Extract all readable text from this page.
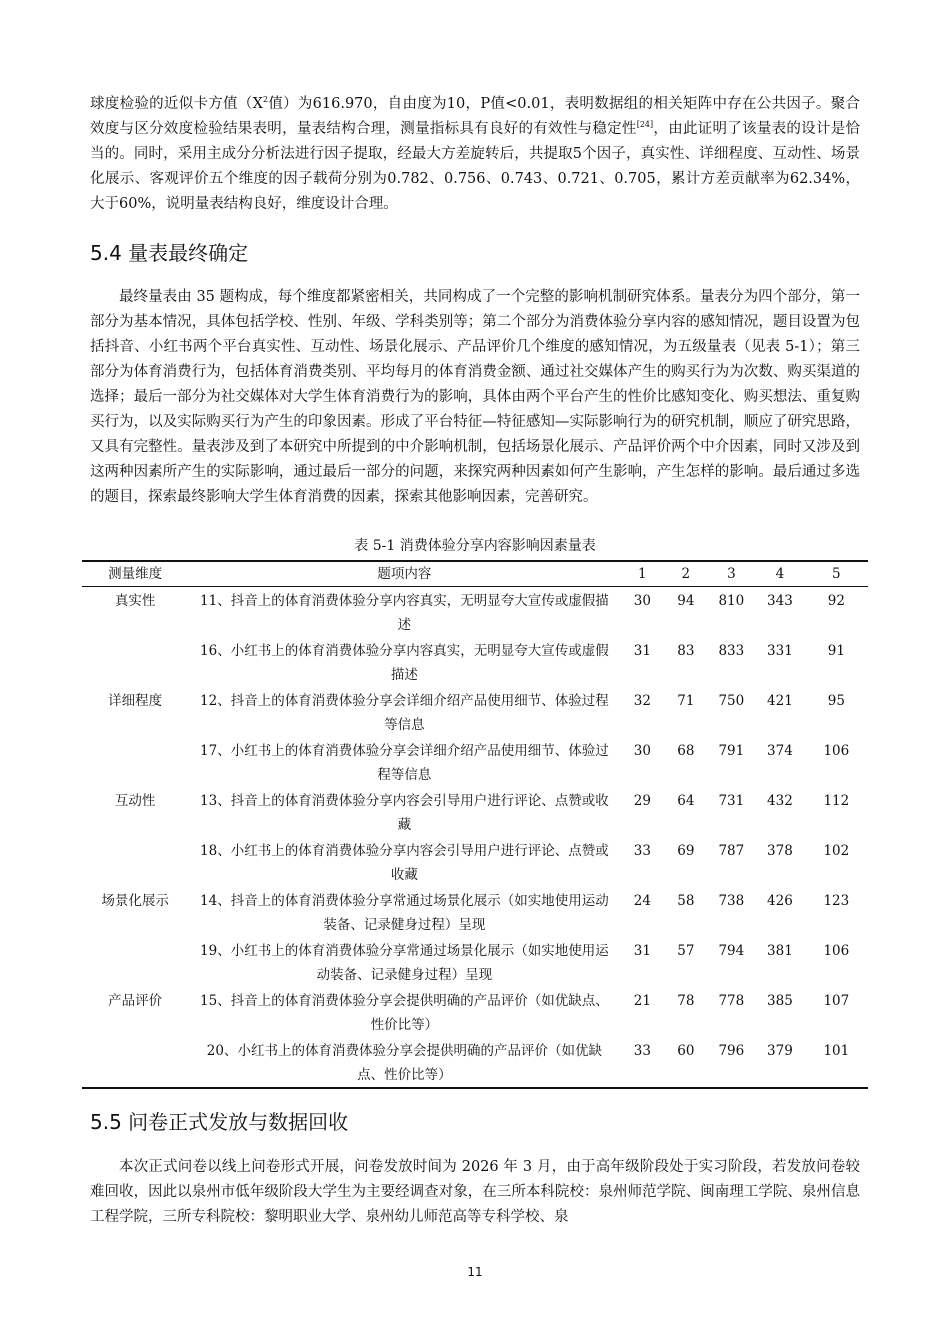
球度检验的近似卡方值（$X^2$值）为616.970，自由度为10，P值<0.01，表明数据组的相关矩阵中存在公共因子。聚合效度与区分效度检验结果表明，量表结构合理，测量指标具有良好的有效性与稳定性[24]，由此证明了该量表的设计是恰当的。同时，采用主成分分析法进行因子提取，经最大方差旋转后，共提取5个因子，真实性、详细程度、互动性、场景化展示、客观评价五个维度的因子载荷分别为0.782、0.756、0.743、0.721、0.705，累计方差贡献率为62.34%，大于60%，说明量表结构良好，维度设计合理。

5.4 量表最终确定

最终量表由 35 题构成，每个维度都紧密相关，共同构成了一个完整的影响机制研究体系。量表分为四个部分，第一部分为基本情况，具体包括学校、性别、年级、学科类别等；第二个部分为消费体验分享内容的感知情况，题目设置为包括抖音、小红书两个平台真实性、互动性、场景化展示、产品评价几个维度的感知情况，为五级量表（见表 5-1）；第三部分为体育消费行为，包括体育消费类别、平均每月的体育消费金额、通过社交媒体产生的购买行为为次数、购买渠道的选择；最后一部分为社交媒体对大学生体育消费行为的影响，具体由两个平台产生的性价比感知变化、购买想法、重复购买行为，以及实际购买行为产生的印象因素。形成了平台特征—特征感知—实际影响行为的研究机制，顺应了研究思路，又具有完整性。量表涉及到了本研究中所提到的中介影响机制，包括场景化展示、产品评价两个中介因素，同时又涉及到这两种因素所产生的实际影响，通过最后一部分的问题，来探究两种因素如何产生影响，产生怎样的影响。最后通过多选的题目，探索最终影响大学生体育消费的因素，探索其他影响因素，完善研究。

表 5-1 消费体验分享内容影响因素量表

测量维度	题项内容	1	2	3	4	5
真实性	11、抖音上的体育消费体验分享内容真实，无明显夸大宣传或虚假描述	30	94	810	343	92

	16、小红书上的体育消费体验分享内容真实，无明显夸大宣传或虚假描述	31	83	833	331	91
详细程度	12、抖音上的体育消费体验分享会详细介绍产品使用细节、体验过程等信息	32	71	750	421	95

	17、小红书上的体育消费体验分享会详细介绍产品使用细节、体验过程等信息	30	68	791	374	106
互动性	13、抖音上的体育消费体验分享内容会引导用户进行评论、点赞或收藏	29	64	731	432	112

	18、小红书上的体育消费体验分享内容会引导用户进行评论、点赞或收藏	33	69	787	378	102
场景化展示	14、抖音上的体育消费体验分享常通过场景化展示（如实地使用运动装备、记录健身过程）呈现	24	58	738	426	123

	19、小红书上的体育消费体验分享常通过场景化展示（如实地使用运动装备、记录健身过程）呈现	31	57	794	381	106
产品评价	15、抖音上的体育消费体验分享会提供明确的产品评价（如优缺点、性价比等）	21	78	778	385	107

	20、小红书上的体育消费体验分享会提供明确的产品评价（如优缺点、性价比等）	33	60	796	379	101
5.5 问卷正式发放与数据回收

本次正式问卷以线上问卷形式开展，问卷发放时间为 2026 年 3 月，由于高年级阶段处于实习阶段，若发放问卷较难回收，因此以泉州市低年级阶段大学生为主要经调查对象，在三所本科院校：泉州师范学院、闽南理工学院、泉州信息工程学院，三所专科院校：黎明职业大学、泉州幼儿师范高等专科学校、泉

11
